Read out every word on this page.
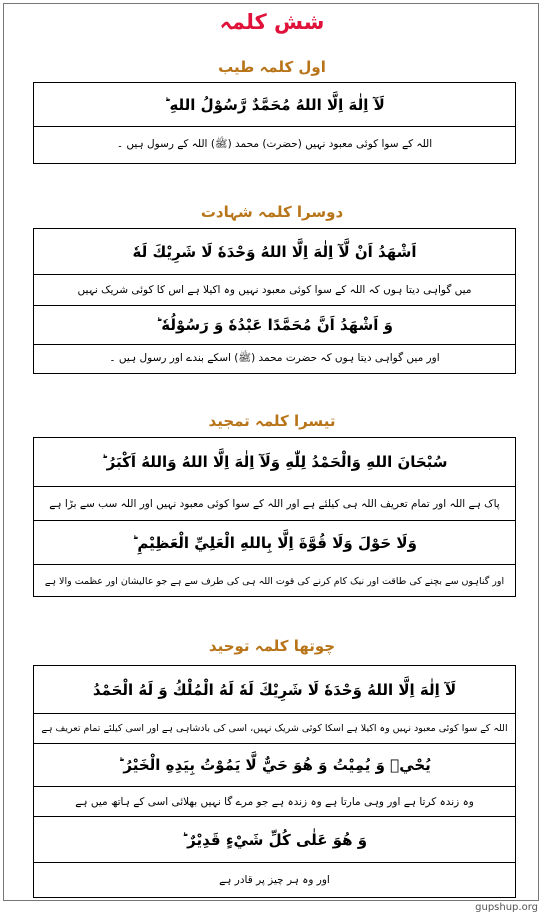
شش کلمہ
اول کلمہ طیب
لَآ اِلٰهَ اِلَّا اللهُ مُحَمَّدٌ رَّسُوْلُ اللهِ ؕ
اللہ کے سوا کوئی معبود نہیں (حضرت) محمد (ﷺ) اللہ کے رسول ہیں ۔
دوسرا کلمہ شہادت
اَشْهَدُ اَنْ لَّآ اِلٰهَ اِلَّا اللهُ وَحْدَهٗ لَا شَرِيْكَ لَهٗ
میں گواہی دیتا ہوں کہ اللہ کے سوا کوئی معبود نہیں وہ اکیلا ہے اس کا کوئی شریک نہیں
وَ اَشْهَدُ اَنَّ مُحَمَّدًا عَبْدُهٗ وَ رَسُوْلُهٗ ؕ
اور میں گواہی دیتا ہوں کہ حضرت محمد (ﷺ) اسکے بندے اور رسول ہیں ۔
تیسرا کلمہ تمجید
سُبْحَانَ اللهِ وَالْحَمْدُ لِلّٰهِ وَلَآ اِلٰهَ اِلَّا اللهُ وَاللهُ اَكْبَرُ ؕ
پاک ہے اللہ اور تمام تعریف اللہ ہی کیلئے ہے اور اللہ کے سوا کوئی معبود نہیں اور اللہ سب سے بڑا ہے
وَلَا حَوْلَ وَلَا قُوَّةَ اِلَّا بِاللهِ الْعَلِيِّ الْعَظِيْمِ ؕ
اور گناہوں سے بچنے کی طاقت اور نیک کام کرنے کی قوت اللہ ہی کی طرف سے ہے جو عالیشان اور عظمت والا ہے
چوتھا کلمہ توحید
لَآ اِلٰهَ اِلَّا اللهُ وَحْدَهٗ لَا شَرِيْكَ لَهٗ لَهُ الْمُلْكُ وَ لَهُ الْحَمْدُ
اللہ کے سوا کوئی معبود نہیں وہ اکیلا ہے اسکا کوئی شریک نہیں، اسی کی بادشاہی ہے اور اسی کیلئے تمام تعریف ہے
يُحْيٖ وَ يُمِيْتُ وَ هُوَ حَيٌّ لَّا يَمُوْتُ بِيَدِهِ الْخَيْرُ ؕ
وہ زندہ کرتا ہے اور وہی مارتا ہے وہ زندہ ہے جو مرے گا نہیں بھلائی اسی کے ہاتھ میں ہے
وَ هُوَ عَلٰى كُلِّ شَيْءٍ قَدِيْرٌ ؕ
اور وہ ہر چیز پر قادر ہے
gupshup.org
